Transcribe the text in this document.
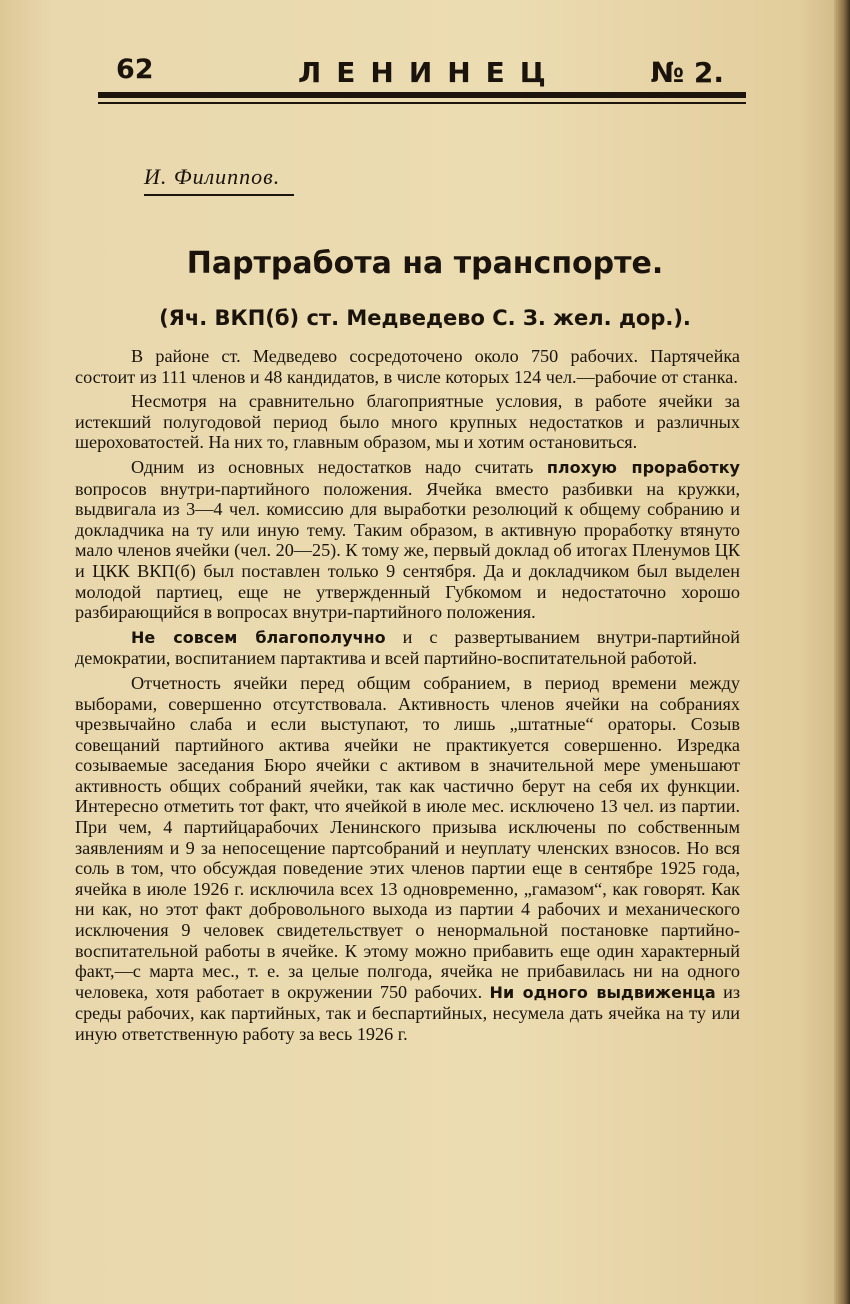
62	ЛЕНИНЕЦ	№ 2.
И. Филиппов.
Партработа на транспорте.
(Яч. ВКП(б) ст. Медведево С. З. жел. дор.).

В районе ст. Медведево сосредоточено около 750 рабочих. Партячейка состоит из 111 членов и 48 кандидатов, в числе которых 124 чел.—рабочие от станка.

Несмотря на сравнительно благоприятные условия, в работе ячейки за истекший полугодовой период было много крупных недостатков и различных шероховатостей. На них то, главным образом, мы и хотим остановиться.

Одним из основных недостатков надо считать плохую проработку вопросов внутри-партийного положения. Ячейка вместо разбивки на кружки, выдвигала из 3—4 чел. комиссию для выработки резолюций к общему собранию и докладчика на ту или иную тему. Таким образом, в активную проработку втянуто мало членов ячейки (чел. 20—25). К тому же, первый доклад об итогах Пленумов ЦК и ЦКК ВКП(б) был поставлен только 9 сентября. Да и докладчиком был выделен молодой партиец, еще не утвержденный Губкомом и недостаточно хорошо разбирающийся в вопросах внутри-партийного положения.

Не совсем благополучно и с развертыванием внутри-партийной демократии, воспитанием партактива и всей партийно-воспитательной работой.

Отчетность ячейки перед общим собранием, в период времени между выборами, совершенно отсутствовала. Активность членов ячейки на собраниях чрезвычайно слаба и если выступают, то лишь „штатные“ ораторы. Созыв совещаний партийного актива ячейки не практикуется совершенно. Изредка созываемые заседания Бюро ячейки с активом в значительной мере уменьшают активность общих собраний ячейки, так как частично берут на себя их функции. Интересно отметить тот факт, что ячейкой в июле мес. исключено 13 чел. из партии. При чем, 4 партийцарабочих Ленинского призыва исключены по собственным заявлениям и 9 за непосещение партсобраний и неуплату членских взносов. Но вся соль в том, что обсуждая поведение этих членов партии еще в сентябре 1925 года, ячейка в июле 1926 г. исключила всех 13 одновременно, „гамазом“, как говорят. Как ни как, но этот факт добровольного выхода из партии 4 рабочих и механического исключения 9 человек свидетельствует о ненормальной постановке партийно-воспитательной работы в ячейке. К этому можно прибавить еще один характерный факт,—с марта мес., т. е. за целые полгода, ячейка не прибавилась ни на одного человека, хотя работает в окружении 750 рабочих. Ни одного выдвиженца из среды рабочих, как партийных, так и беспартийных, несумела дать ячейка на ту или иную ответственную работу за весь 1926 г.
